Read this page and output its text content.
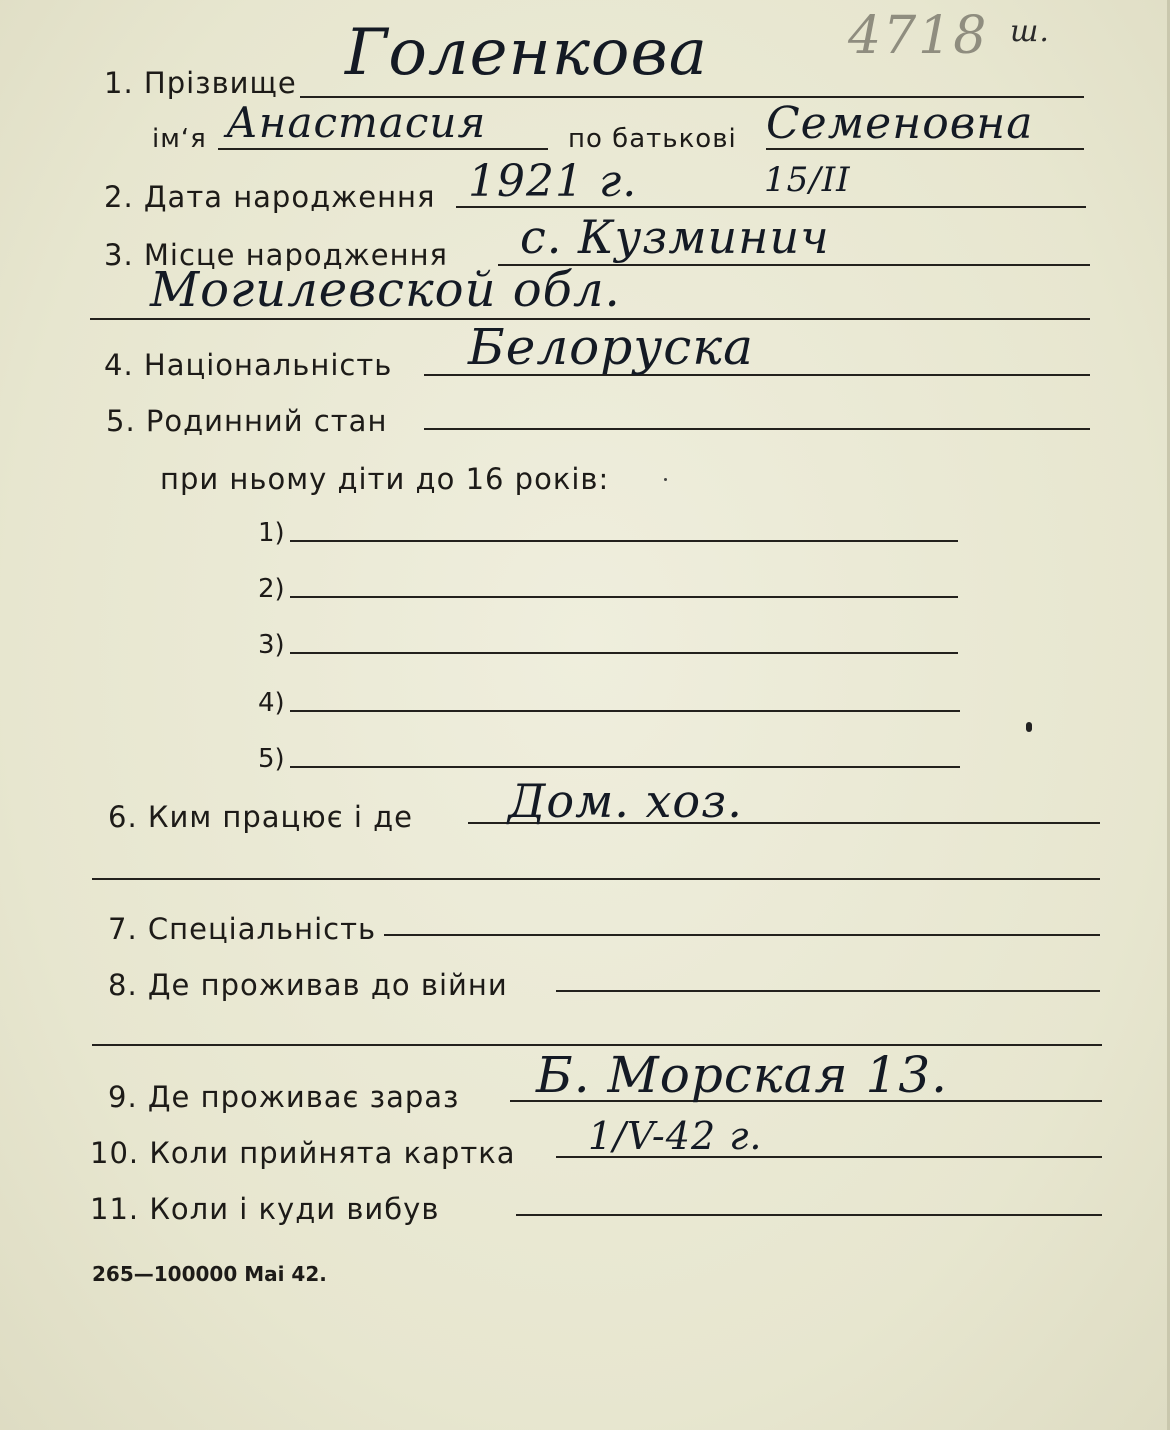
4718 ш.
1. Прізвище Голенкова
ім‘я Анастасия	по батькові Семеновна
2. Дата народження 1921 г.	15/II
3. Місце народження с. Кузминич
Могилевской обл.
4. Національність Белоруска
5. Родинний стан
при ньому діти до 16 років:
1)
2)
3)
4)
5)
6. Ким працює і де Дом. хоз.
7. Спеціальність
8. Де проживав до війни
9. Де проживає зараз Б. Морская 13.
10. Коли прийнята картка 1/V-42 г.
11. Коли і куди вибув
265—100000 Mai 42.
